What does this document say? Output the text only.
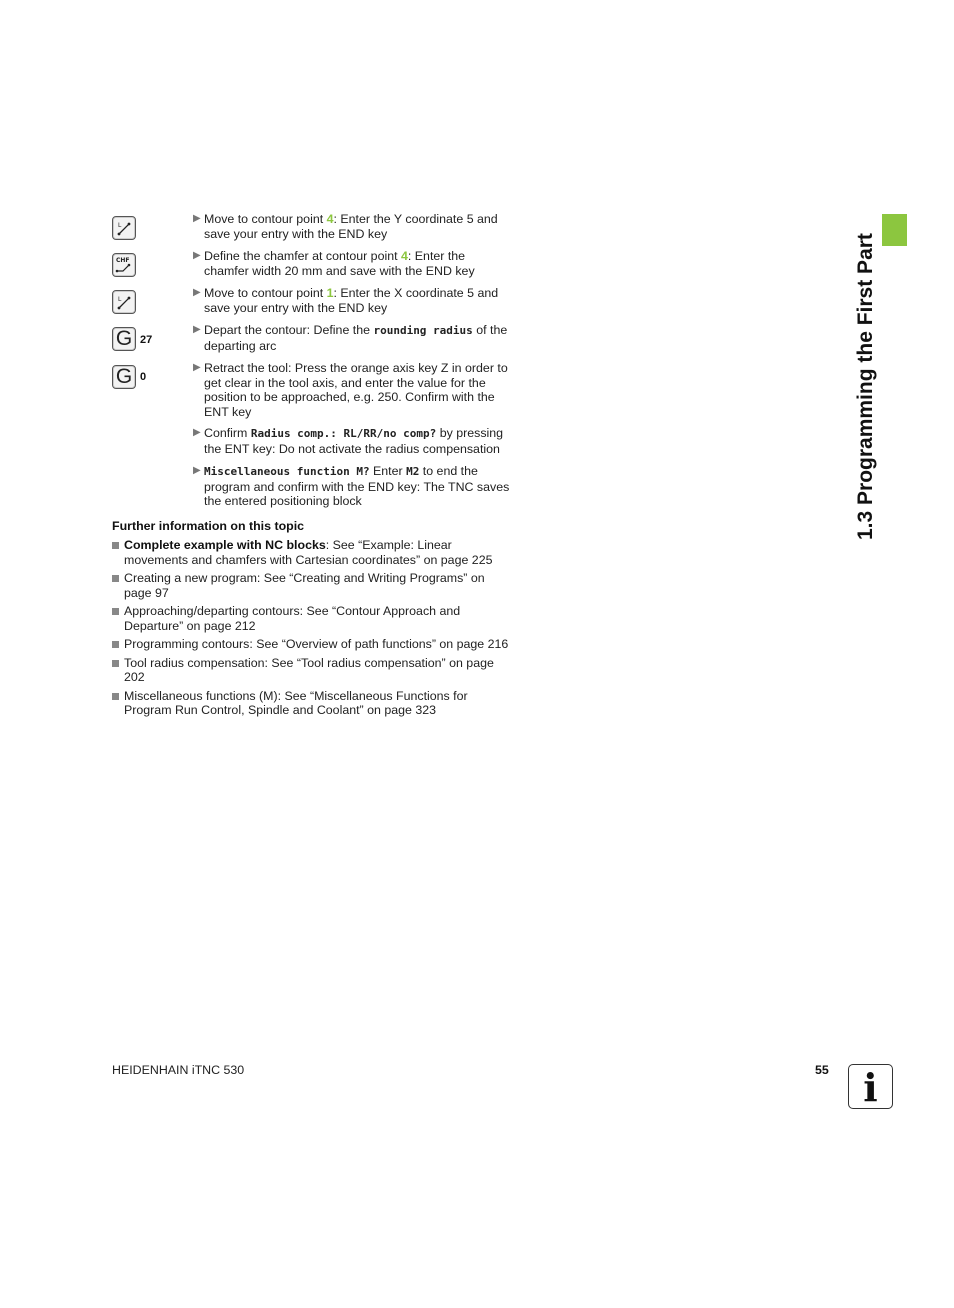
L
CHF
L
G 27
G 0
▶ Move to contour point 4: Enter the Y coordinate 5 and save your entry with the END key
▶ Define the chamfer at contour point 4: Enter the chamfer width 20 mm and save with the END key
▶ Move to contour point 1: Enter the X coordinate 5 and save your entry with the END key
▶ Depart the contour: Define the rounding radius of the departing arc
▶ Retract the tool: Press the orange axis key Z in order to get clear in the tool axis, and enter the value for the position to be approached, e.g. 250. Confirm with the ENT key
▶ Confirm Radius comp.: RL/RR/no comp? by pressing the ENT key: Do not activate the radius compensation
▶ Miscellaneous function M? Enter M2 to end the program and confirm with the END key: The TNC saves the entered positioning block
Further information on this topic
Complete example with NC blocks: See “Example: Linear movements and chamfers with Cartesian coordinates” on page 225
Creating a new program: See “Creating and Writing Programs” on page 97
Approaching/departing contours: See “Contour Approach and Departure” on page 212
Programming contours: See “Overview of path functions” on page 216
Tool radius compensation: See “Tool radius compensation” on page 202
Miscellaneous functions (M): See “Miscellaneous Functions for Program Run Control, Spindle and Coolant” on page 323
1.3 Programming the First Part
HEIDENHAIN iTNC 530	55 i
